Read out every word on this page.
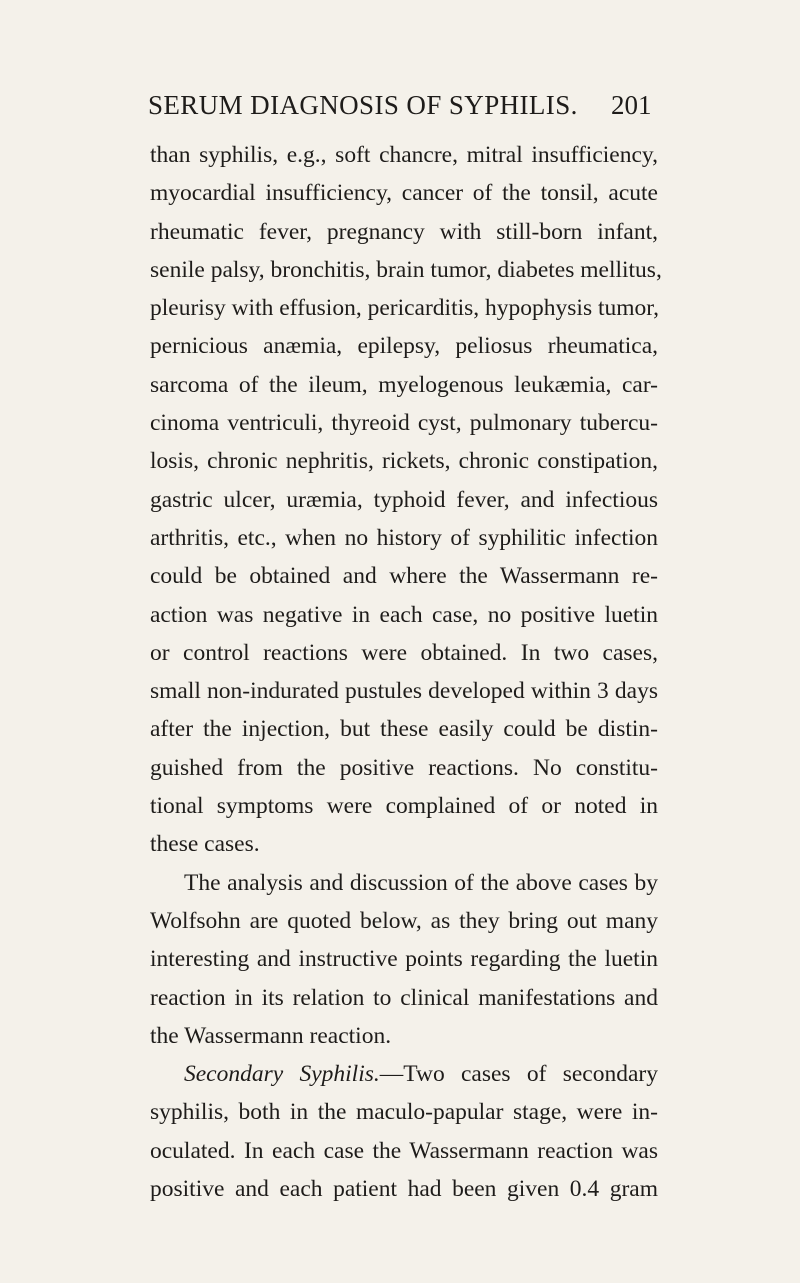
SERUM DIAGNOSIS OF SYPHILIS. 201
than syphilis, e.g., soft chancre, mitral insufficiency,
myocardial insufficiency, cancer of the tonsil, acute
rheumatic fever, pregnancy with still-born infant,
senile palsy, bronchitis, brain tumor, diabetes mellitus,
pleurisy with effusion, pericarditis, hypophysis tumor,
pernicious anæmia, epilepsy, peliosus rheumatica,
sarcoma of the ileum, myelogenous leukæmia, car-
cinoma ventriculi, thyreoid cyst, pulmonary tubercu-
losis, chronic nephritis, rickets, chronic constipation,
gastric ulcer, uræmia, typhoid fever, and infectious
arthritis, etc., when no history of syphilitic infection
could be obtained and where the Wassermann re-
action was negative in each case, no positive luetin
or control reactions were obtained. In two cases,
small non-indurated pustules developed within 3 days
after the injection, but these easily could be distin-
guished from the positive reactions. No constitu-
tional symptoms were complained of or noted in
these cases.
The analysis and discussion of the above cases by
Wolfsohn are quoted below, as they bring out many
interesting and instructive points regarding the luetin
reaction in its relation to clinical manifestations and
the Wassermann reaction.
Secondary Syphilis.—Two cases of secondary
syphilis, both in the maculo-papular stage, were in-
oculated. In each case the Wassermann reaction was
positive and each patient had been given 0.4 gram
